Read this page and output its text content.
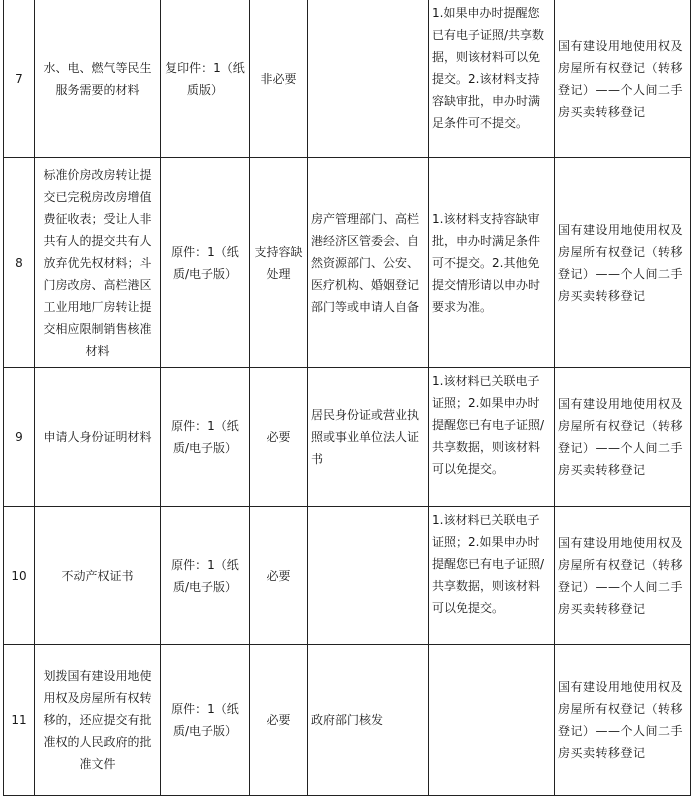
7	水、电、燃气等民生 服务需要的材料	复印件：1（纸质版）	非必要		1.如果申办时提醒您已有电子证照/共享数据，则该材料可以免提交。2.该材料支持容缺审批，申办时满足条件可不提交。	国有建设用地使用权及房屋所有权登记（转移登记）——个人间二手房买卖转移登记
8	标准价房改房转让提交已完税房改房增值费征收表；受让人非共有人的提交共有人放弃优先权材料；斗门房改房、高栏港区工业用地厂房转让提交相应限制销售核准材料	原件：1（纸质/电子版）	支持容缺处理	房产管理部门、高栏港经济区管委会、自然资源部门、公安、医疗机构、婚姻登记部门等或申请人自备	1.该材料支持容缺审批，申办时满足条件可不提交。2.其他免提交情形请以申办时要求为准。	国有建设用地使用权及房屋所有权登记（转移登记）——个人间二手房买卖转移登记
9	申请人身份证明材料	原件：1（纸质/电子版）	必要	居民身份证或营业执照或事业单位法人证书	1.该材料已关联电子证照；2.如果申办时提醒您已有电子证照/共享数据，则该材料可以免提交。	国有建设用地使用权及房屋所有权登记（转移登记）——个人间二手房买卖转移登记
10	不动产权证书	原件：1（纸质/电子版）	必要		1.该材料已关联电子证照；2.如果申办时提醒您已有电子证照/共享数据，则该材料可以免提交。	国有建设用地使用权及房屋所有权登记（转移登记）——个人间二手房买卖转移登记
11	划拨国有建设用地使用权及房屋所有权转移的，还应提交有批准权的人民政府的批准文件	原件：1（纸质/电子版）	必要	政府部门核发		国有建设用地使用权及房屋所有权登记（转移登记）——个人间二手房买卖转移登记
